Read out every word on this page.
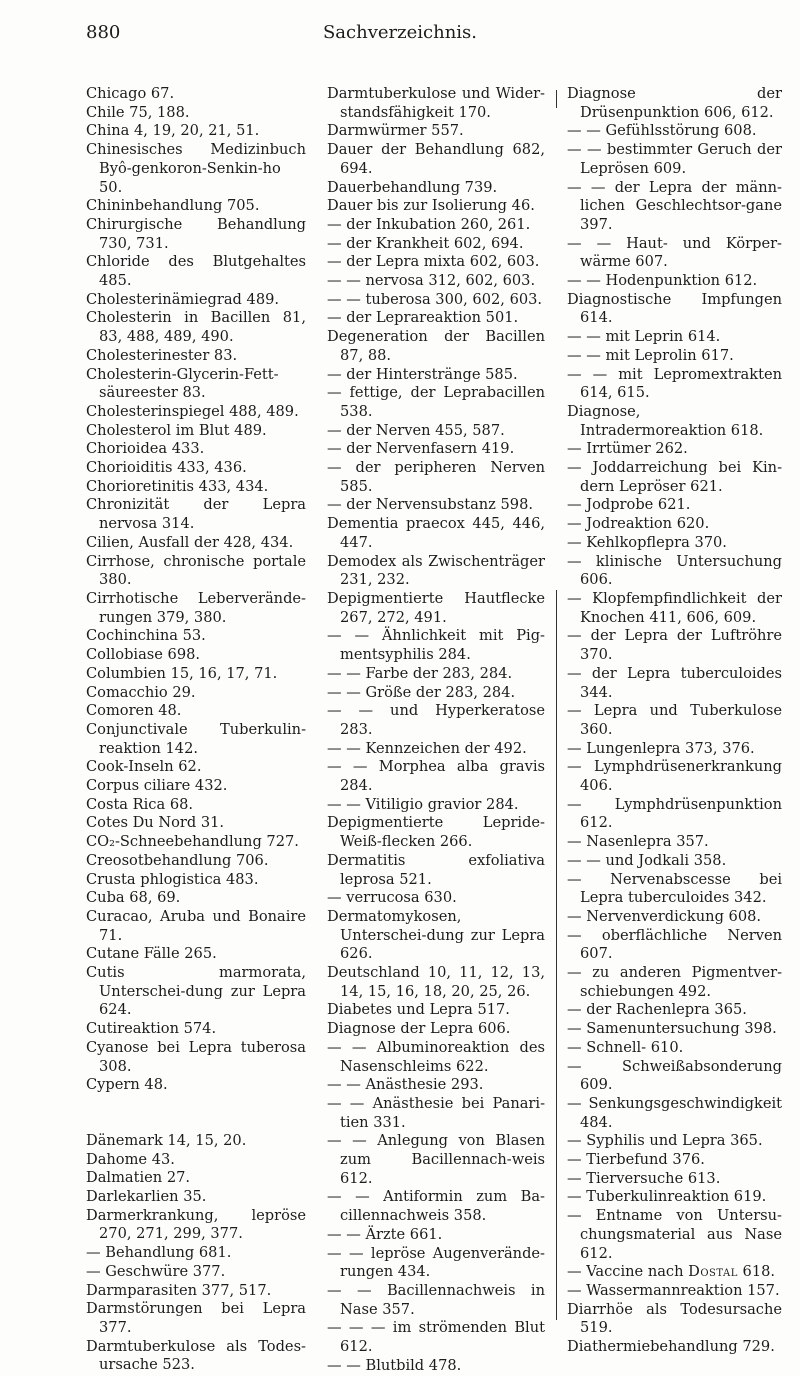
880	Sachverzeichnis.
Chicago 67.
Chile 75, 188.
China 4, 19, 20, 21, 51.
Chinesisches Medizinbuch Byô-genkoron-Senkin-ho 50.
Chininbehandlung 705.
Chirurgische Behandlung 730, 731.
Chloride des Blutgehaltes 485.
Cholesterinämiegrad 489.
Cholesterin in Bacillen 81, 83, 488, 489, 490.
Cholesterinester 83.
Cholesterin-Glycerin-Fett-säureester 83.
Cholesterinspiegel 488, 489.
Cholesterol im Blut 489.
Chorioidea 433.
Chorioiditis 433, 436.
Chorioretinitis 433, 434.
Chronizität der Lepra nervosa 314.
Cilien, Ausfall der 428, 434.
Cirrhose, chronische portale 380.
Cirrhotische Leberverände-rungen 379, 380.
Cochinchina 53.
Collobiase 698.
Columbien 15, 16, 17, 71.
Comacchio 29.
Comoren 48.
Conjunctivale Tuberkulin-reaktion 142.
Cook-Inseln 62.
Corpus ciliare 432.
Costa Rica 68.
Cotes Du Nord 31.
CO₂-Schneebehandlung 727.
Creosotbehandlung 706.
Crusta phlogistica 483.
Cuba 68, 69.
Curacao, Aruba und Bonaire 71.
Cutane Fälle 265.
Cutis marmorata, Unterschei-dung zur Lepra 624.
Cutireaktion 574.
Cyanose bei Lepra tuberosa 308.
Cypern 48.
Dänemark 14, 15, 20.
Dahome 43.
Dalmatien 27.
Darlekarlien 35.
Darmerkrankung, lepröse 270, 271, 299, 377.
— Behandlung 681.
— Geschwüre 377.
Darmparasiten 377, 517.
Darmstörungen bei Lepra 377.
Darmtuberkulose als Todes-ursache 523.
Darmtuberkulose und Wider-standsfähigkeit 170.
Darmwürmer 557.
Dauer der Behandlung 682, 694.
Dauerbehandlung 739.
Dauer bis zur Isolierung 46.
— der Inkubation 260, 261.
— der Krankheit 602, 694.
— der Lepra mixta 602, 603.
— — nervosa 312, 602, 603.
— — tuberosa 300, 602, 603.
— der Leprareaktion 501.
Degeneration der Bacillen 87, 88.
— der Hinterstränge 585.
— fettige, der Leprabacillen 538.
— der Nerven 455, 587.
— der Nervenfasern 419.
— der peripheren Nerven 585.
— der Nervensubstanz 598.
Dementia praecox 445, 446, 447.
Demodex als Zwischenträger 231, 232.
Depigmentierte Hautflecke 267, 272, 491.
— — Ähnlichkeit mit Pig-mentsyphilis 284.
— — Farbe der 283, 284.
— — Größe der 283, 284.
— — und Hyperkeratose 283.
— — Kennzeichen der 492.
— — Morphea alba gravis 284.
— — Vitiligio gravior 284.
Depigmentierte Lepride-Weiß-flecken 266.
Dermatitis exfoliativa leprosa 521.
— verrucosa 630.
Dermatomykosen, Unterschei-dung zur Lepra 626.
Deutschland 10, 11, 12, 13, 14, 15, 16, 18, 20, 25, 26.
Diabetes und Lepra 517.
Diagnose der Lepra 606.
— — Albuminoreaktion des Nasenschleims 622.
— — Anästhesie 293.
— — Anästhesie bei Panari-tien 331.
— — Anlegung von Blasen zum Bacillennach-weis 612.
— — Antiformin zum Ba-cillennachweis 358.
— — Ärzte 661.
— — lepröse Augenverände-rungen 434.
— — Bacillennachweis in Nase 357.
— — — im strömenden Blut 612.
— — Blutbild 478.
Diagnose der Drüsenpunktion 606, 612.
— — Gefühlsstörung 608.
— — bestimmter Geruch der Leprösen 609.
— — der Lepra der männ-lichen Geschlechtsor-gane 397.
— — Haut- und Körper-wärme 607.
— — Hodenpunktion 612.
Diagnostische Impfungen 614.
— — mit Leprin 614.
— — mit Leprolin 617.
— — mit Lepromextrakten 614, 615.
Diagnose, Intradermoreaktion 618.
— Irrtümer 262.
— Joddarreichung bei Kin-dern Lepröser 621.
— Jodprobe 621.
— Jodreaktion 620.
— Kehlkopflepra 370.
— klinische Untersuchung 606.
— Klopfempfindlichkeit der Knochen 411, 606, 609.
— der Lepra der Luftröhre 370.
— der Lepra tuberculoides 344.
— Lepra und Tuberkulose 360.
— Lungenlepra 373, 376.
— Lymphdrüsenerkrankung 406.
— Lymphdrüsenpunktion 612.
— Nasenlepra 357.
— — und Jodkali 358.
— Nervenabscesse bei Lepra tuberculoides 342.
— Nervenverdickung 608.
— oberflächliche Nerven 607.
— zu anderen Pigmentver-schiebungen 492.
— der Rachenlepra 365.
— Samenuntersuchung 398.
— Schnell- 610.
— Schweißabsonderung 609.
— Senkungsgeschwindigkeit 484.
— Syphilis und Lepra 365.
— Tierbefund 376.
— Tierversuche 613.
— Tuberkulinreaktion 619.
— Entname von Untersu-chungsmaterial aus Nase 612.
— Vaccine nach Dostal 618.
— Wassermannreaktion 157.
Diarrhöe als Todesursache 519.
Diathermiebehandlung 729.
